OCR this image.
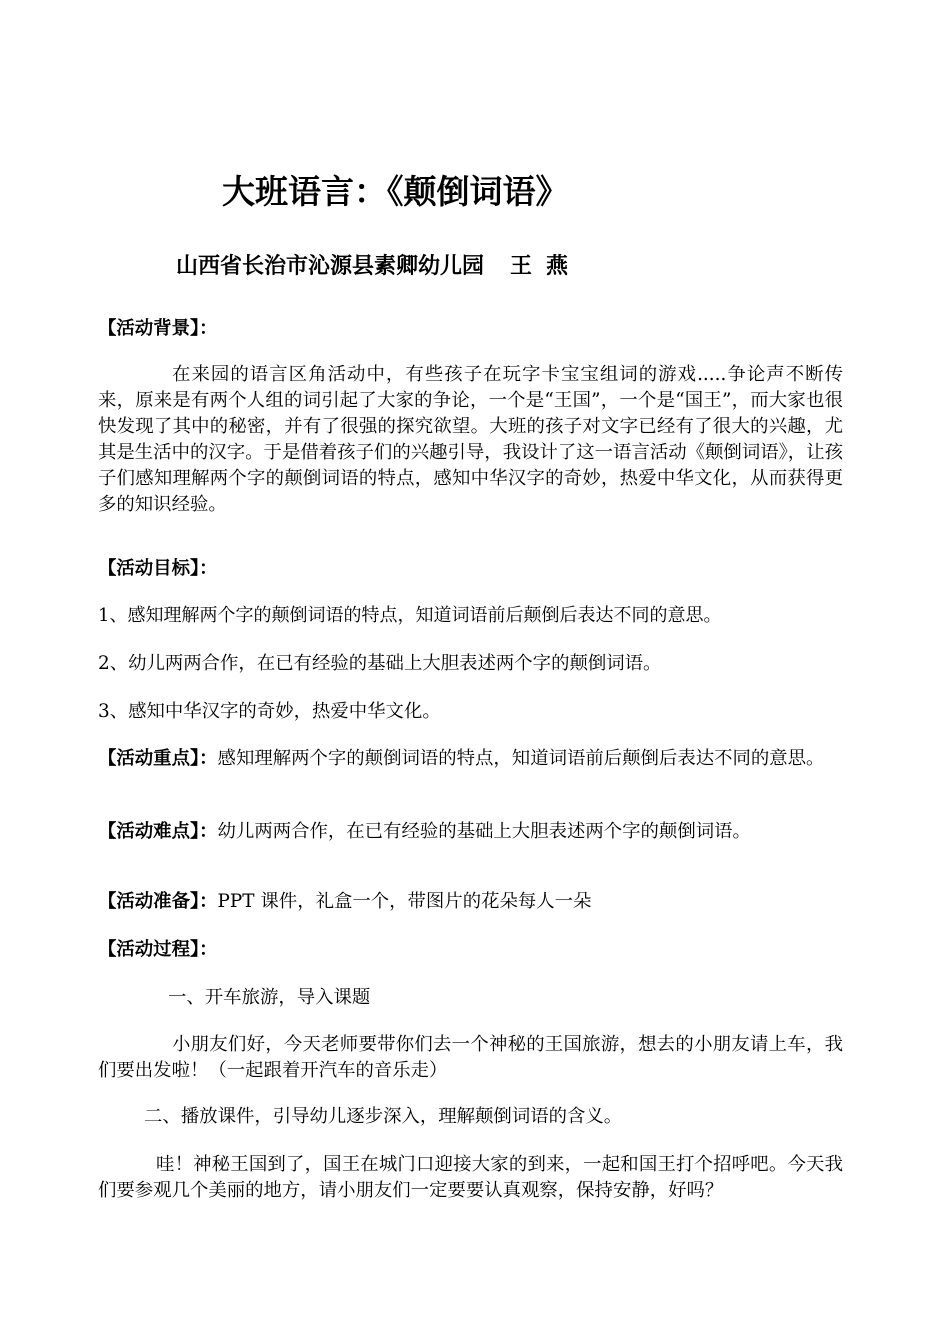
大班语言：《颠倒词语》
山西省长治市沁源县素卿幼儿园 王燕
【活动背景】：
在来园的语言区角活动中，有些孩子在玩字卡宝宝组词的游戏.....争论声不断传来，原来是有两个人组的词引起了大家的争论，一个是“王国”，一个是“国王”，而大家也很快发现了其中的秘密，并有了很强的探究欲望。大班的孩子对文字已经有了很大的兴趣，尤其是生活中的汉字。于是借着孩子们的兴趣引导，我设计了这一语言活动《颠倒词语》，让孩子们感知理解两个字的颠倒词语的特点，感知中华汉字的奇妙，热爱中华文化，从而获得更多的知识经验。
【活动目标】：
1、感知理解两个字的颠倒词语的特点，知道词语前后颠倒后表达不同的意思。
2、幼儿两两合作，在已有经验的基础上大胆表述两个字的颠倒词语。
3、感知中华汉字的奇妙，热爱中华文化。
【活动重点】：感知理解两个字的颠倒词语的特点，知道词语前后颠倒后表达不同的意思。
【活动难点】：幼儿两两合作，在已有经验的基础上大胆表述两个字的颠倒词语。
【活动准备】：PPT 课件，礼盒一个，带图片的花朵每人一朵
【活动过程】：
一、开车旅游，导入课题
小朋友们好，今天老师要带你们去一个神秘的王国旅游，想去的小朋友请上车，我们要出发啦！（一起跟着开汽车的音乐走）
二、播放课件，引导幼儿逐步深入，理解颠倒词语的含义。
哇！神秘王国到了，国王在城门口迎接大家的到来，一起和国王打个招呼吧。今天我们要参观几个美丽的地方，请小朋友们一定要要认真观察，保持安静，好吗？
